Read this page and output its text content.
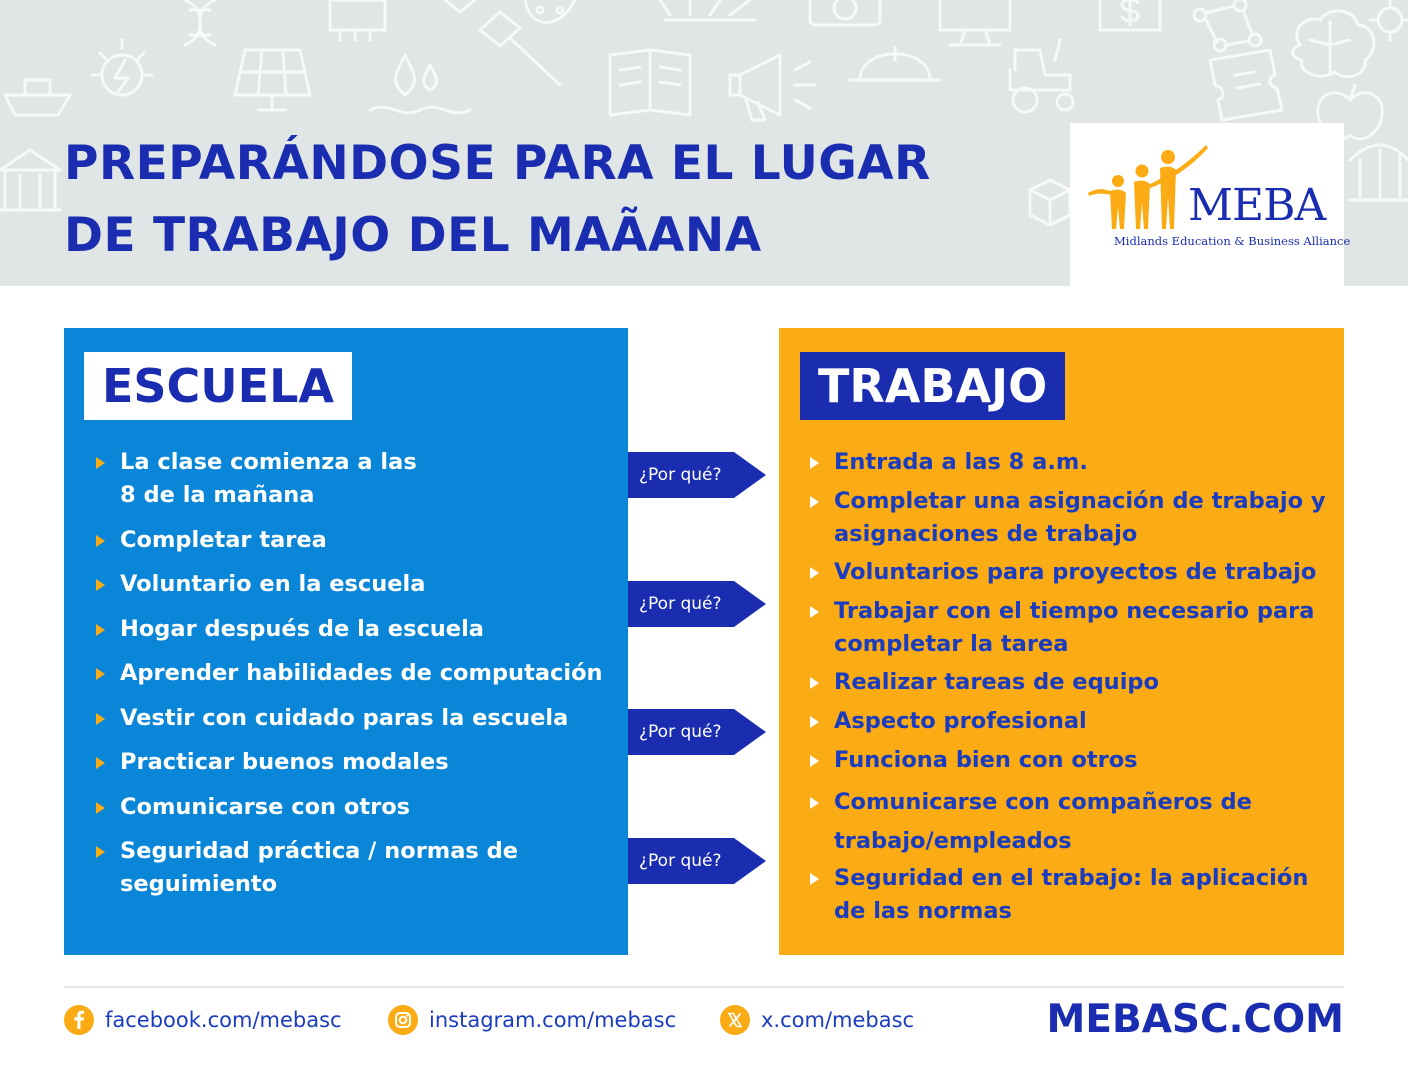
PREPARÁNDOSE PARA EL LUGAR
DE TRABAJO DEL MAÃANA
MEBA
Midlands Education & Business Alliance
ESCUELA
La clase comienza a las
8 de la mañana
Completar tarea
Voluntario en la escuela
Hogar después de la escuela
Aprender habilidades de computación
Vestir con cuidado paras la escuela
Practicar buenos modales
Comunicarse con otros
Seguridad práctica / normas de
seguimiento
¿Por qué?
¿Por qué?
¿Por qué?
¿Por qué?
TRABAJO
Entrada a las 8 a.m.
Completar una asignación de trabajo y
asignaciones de trabajo
Voluntarios para proyectos de trabajo
Trabajar con el tiempo necesario para
completar la tarea
Realizar tareas de equipo
Aspecto profesional
Funciona bien con otros
Comunicarse con compañeros de
trabajo/empleados
Seguridad en el trabajo: la aplicación
de las normas
facebook.com/mebasc	instagram.com/mebasc	x.com/mebasc	MEBASC.COM
